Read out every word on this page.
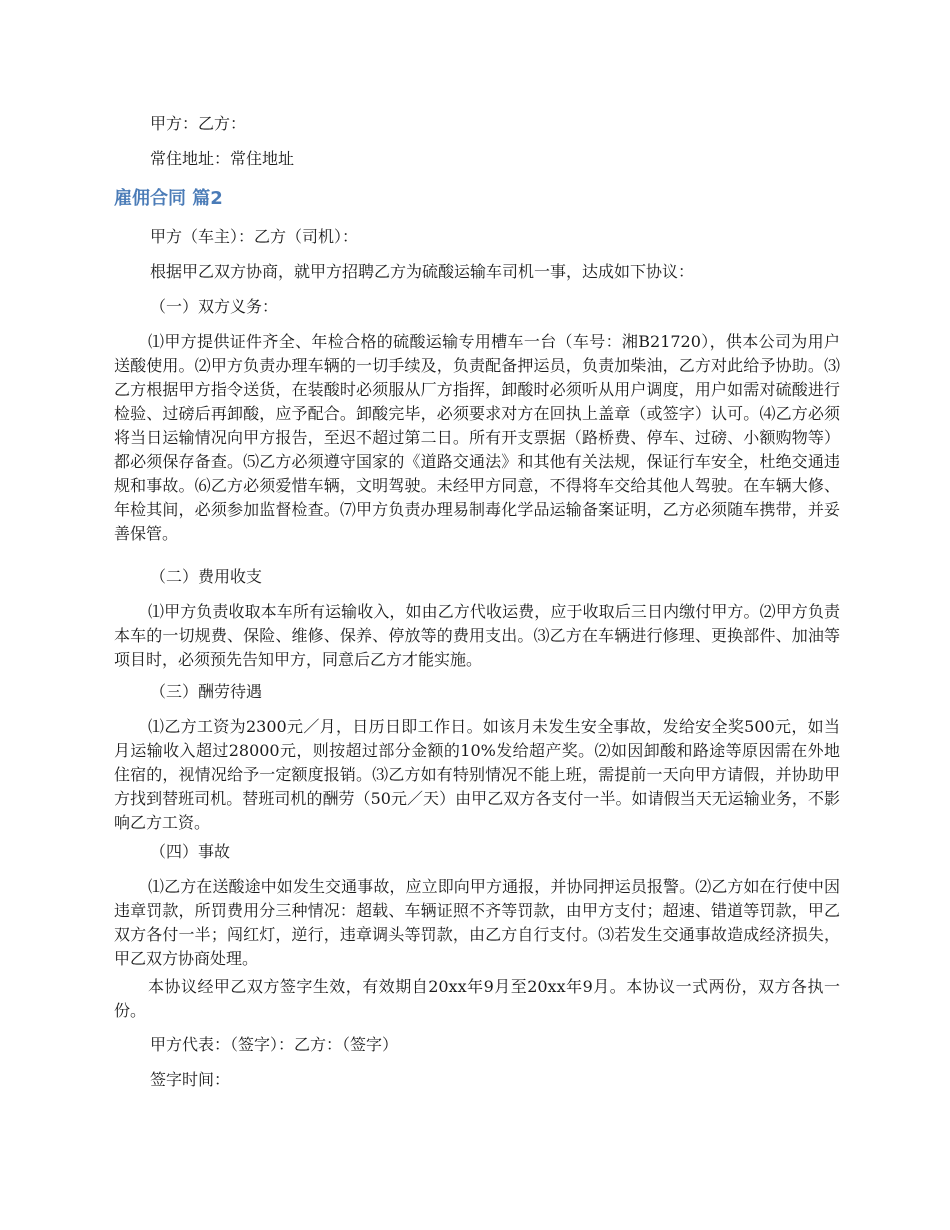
甲方：乙方：
常住地址：常住地址
雇佣合同 篇2
甲方（车主）：乙方（司机）：
根据甲乙双方协商，就甲方招聘乙方为硫酸运输车司机一事，达成如下协议：
（一）双方义务：
⑴甲方提供证件齐全、年检合格的硫酸运输专用槽车一台（车号：湘B21720），供本公司为用户送酸使用。⑵甲方负责办理车辆的一切手续及，负责配备押运员，负责加柴油，乙方对此给予协助。⑶乙方根据甲方指令送货，在装酸时必须服从厂方指挥，卸酸时必须听从用户调度，用户如需对硫酸进行检验、过磅后再卸酸，应予配合。卸酸完毕，必须要求对方在回执上盖章（或签字）认可。⑷乙方必须将当日运输情况向甲方报告，至迟不超过第二日。所有开支票据（路桥费、停车、过磅、小额购物等）都必须保存备查。⑸乙方必须遵守国家的《道路交通法》和其他有关法规，保证行车安全，杜绝交通违规和事故。⑹乙方必须爱惜车辆，文明驾驶。未经甲方同意，不得将车交给其他人驾驶。在车辆大修、年检其间，必须参加监督检查。⑺甲方负责办理易制毒化学品运输备案证明，乙方必须随车携带，并妥善保管。
（二）费用收支
⑴甲方负责收取本车所有运输收入，如由乙方代收运费，应于收取后三日内缴付甲方。⑵甲方负责本车的一切规费、保险、维修、保养、停放等的费用支出。⑶乙方在车辆进行修理、更换部件、加油等项目时，必须预先告知甲方，同意后乙方才能实施。
（三）酬劳待遇
⑴乙方工资为2300元／月，日历日即工作日。如该月未发生安全事故，发给安全奖500元，如当月运输收入超过28000元，则按超过部分金额的10%发给超产奖。⑵如因卸酸和路途等原因需在外地住宿的，视情况给予一定额度报销。⑶乙方如有特别情况不能上班，需提前一天向甲方请假，并协助甲方找到替班司机。替班司机的酬劳（50元／天）由甲乙双方各支付一半。如请假当天无运输业务，不影响乙方工资。
（四）事故
⑴乙方在送酸途中如发生交通事故，应立即向甲方通报，并协同押运员报警。⑵乙方如在行使中因违章罚款，所罚费用分三种情况：超载、车辆证照不齐等罚款，由甲方支付；超速、错道等罚款，甲乙双方各付一半；闯红灯，逆行，违章调头等罚款，由乙方自行支付。⑶若发生交通事故造成经济损失，甲乙双方协商处理。
本协议经甲乙双方签字生效，有效期自20xx年9月至20xx年9月。本协议一式两份，双方各执一份。
甲方代表：（签字）：乙方：（签字）
签字时间：
